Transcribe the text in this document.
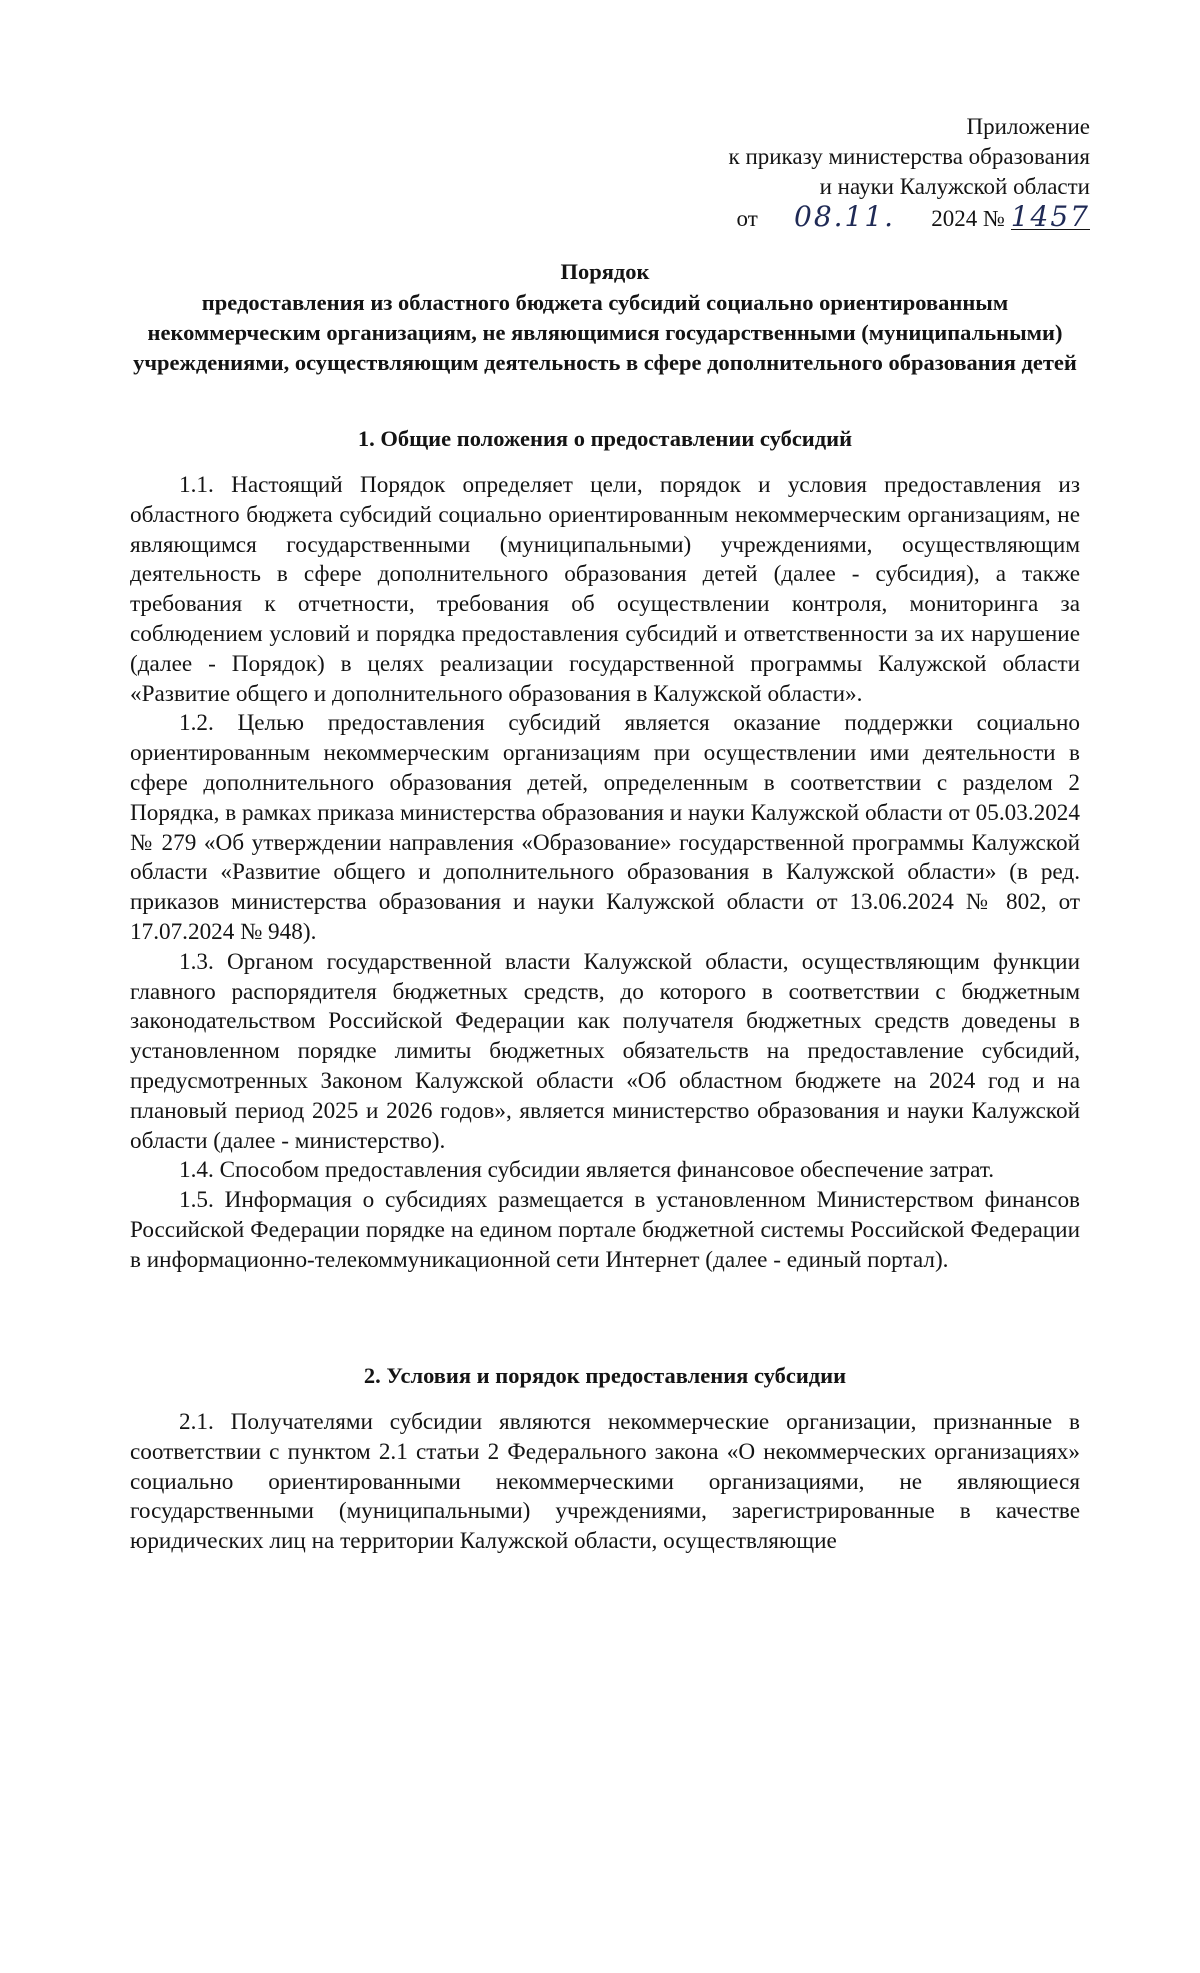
Приложение
к приказу министерства образования
и науки Калужской области
от 08.11. 2024 № 1457
Порядок
предоставления из областного бюджета субсидий социально ориентированным некоммерческим организациям, не являющимися государственными (муниципальными) учреждениями, осуществляющим деятельность в сфере дополнительного образования детей
1. Общие положения о предоставлении субсидий

1.1. Настоящий Порядок определяет цели, порядок и условия предоставления из областного бюджета субсидий социально ориентированным некоммерческим организациям, не являющимся государственными (муниципальными) учреждениями, осуществляющим деятельность в сфере дополнительного образования детей (далее - субсидия), а также требования к отчетности, требования об осуществлении контроля, мониторинга за соблюдением условий и порядка предоставления субсидий и ответственности за их нарушение (далее - Порядок) в целях реализации государственной программы Калужской области «Развитие общего и дополнительного образования в Калужской области».

1.2. Целью предоставления субсидий является оказание поддержки социально ориентированным некоммерческим организациям при осуществлении ими деятельности в сфере дополнительного образования детей, определенным в соответствии с разделом 2 Порядка, в рамках приказа министерства образования и науки Калужской области от 05.03.2024 № 279 «Об утверждении направления «Образование» государственной программы Калужской области «Развитие общего и дополнительного образования в Калужской области» (в ред. приказов министерства образования и науки Калужской области от 13.06.2024 № 802, от 17.07.2024 № 948).

1.3. Органом государственной власти Калужской области, осуществляющим функции главного распорядителя бюджетных средств, до которого в соответствии с бюджетным законодательством Российской Федерации как получателя бюджетных средств доведены в установленном порядке лимиты бюджетных обязательств на предоставление субсидий, предусмотренных Законом Калужской области «Об областном бюджете на 2024 год и на плановый период 2025 и 2026 годов», является министерство образования и науки Калужской области (далее - министерство).

1.4. Способом предоставления субсидии является финансовое обеспечение затрат.

1.5. Информация о субсидиях размещается в установленном Министерством финансов Российской Федерации порядке на едином портале бюджетной системы Российской Федерации в информационно-телекоммуникационной сети Интернет (далее - единый портал).

2. Условия и порядок предоставления субсидии

2.1. Получателями субсидии являются некоммерческие организации, признанные в соответствии с пунктом 2.1 статьи 2 Федерального закона «О некоммерческих организациях» социально ориентированными некоммерческими организациями, не являющиеся государственными (муниципальными) учреждениями, зарегистрированные в качестве юридических лиц на территории Калужской области, осуществляющие
